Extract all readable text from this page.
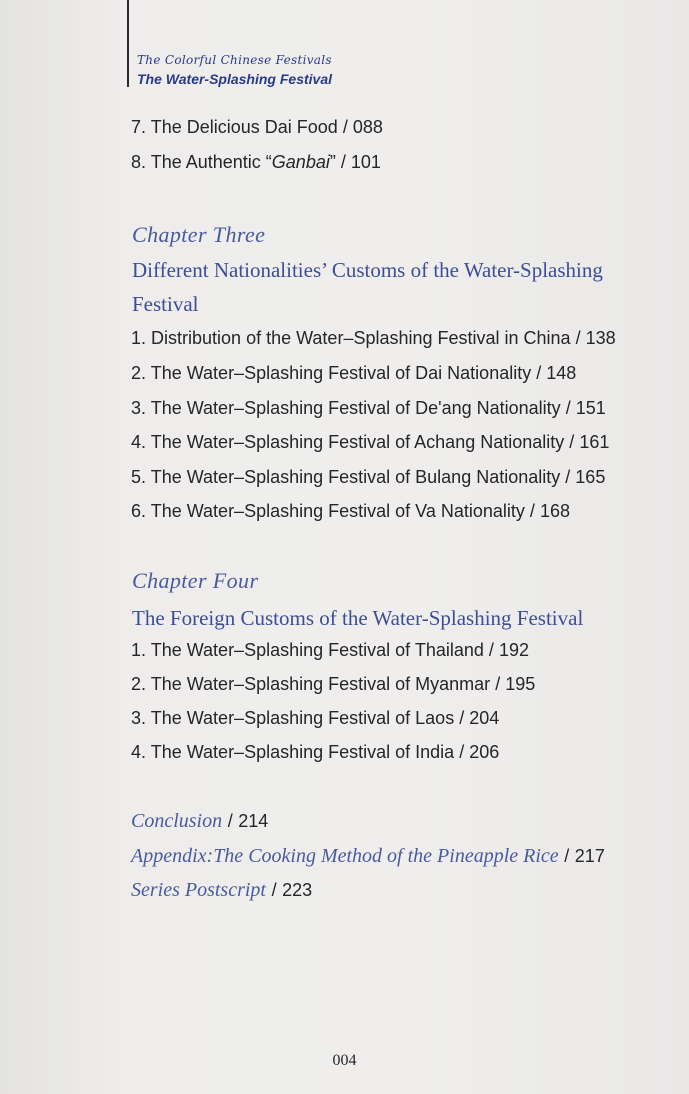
The Colorful Chinese Festivals
The Water-Splashing Festival
7. The Delicious Dai Food / 088
8. The Authentic “Ganbai” / 101
Chapter Three
Different Nationalities’ Customs of the Water-Splashing Festival
1. Distribution of the Water–Splashing Festival in China / 138
2. The Water–Splashing Festival of Dai Nationality / 148
3. The Water–Splashing Festival of De'ang Nationality / 151
4. The Water–Splashing Festival of Achang Nationality / 161
5. The Water–Splashing Festival of Bulang Nationality / 165
6. The Water–Splashing Festival of Va Nationality / 168
Chapter Four
The Foreign Customs of the Water-Splashing Festival
1. The Water–Splashing Festival of Thailand / 192
2. The Water–Splashing Festival of Myanmar / 195
3. The Water–Splashing Festival of Laos / 204
4. The Water–Splashing Festival of India / 206
Conclusion / 214
Appendix:The Cooking Method of the Pineapple Rice / 217
Series Postscript / 223
004
